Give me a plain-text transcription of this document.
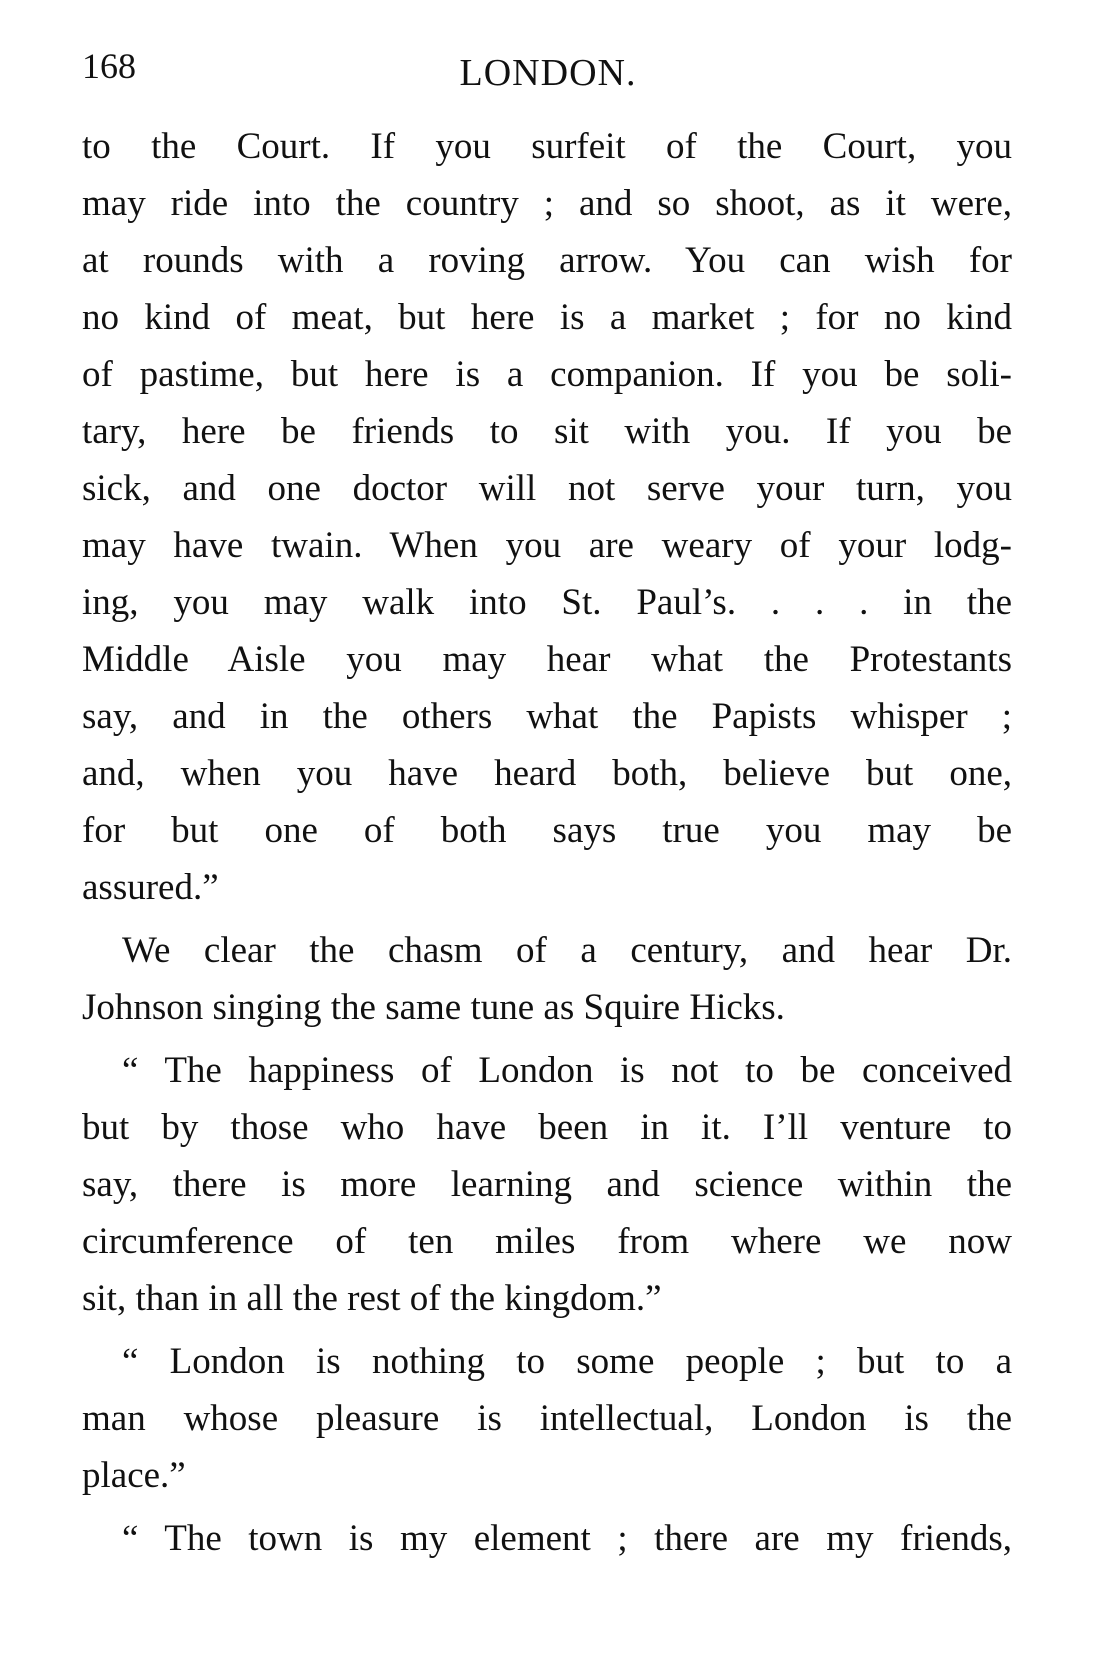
168	LONDON.

to the Court. If you surfeit of the Court, you
may ride into the country ; and so shoot, as it were,
at rounds with a roving arrow. You can wish for
no kind of meat, but here is a market ; for no kind
of pastime, but here is a companion. If you be soli-
tary, here be friends to sit with you. If you be
sick, and one doctor will not serve your turn, you
may have twain. When you are weary of your lodg-
ing, you may walk into St. Paul’s. . . . in the
Middle Aisle you may hear what the Protestants
say, and in the others what the Papists whisper ;
and, when you have heard both, believe but one,
for but one of both says true you may be
assured.”

We clear the chasm of a century, and hear Dr.
Johnson singing the same tune as Squire Hicks.

“ The happiness of London is not to be conceived
but by those who have been in it. I’ll venture to
say, there is more learning and science within the
circumference of ten miles from where we now
sit, than in all the rest of the kingdom.”

“ London is nothing to some people ; but to a
man whose pleasure is intellectual, London is the
place.”

“ The town is my element ; there are my friends,
